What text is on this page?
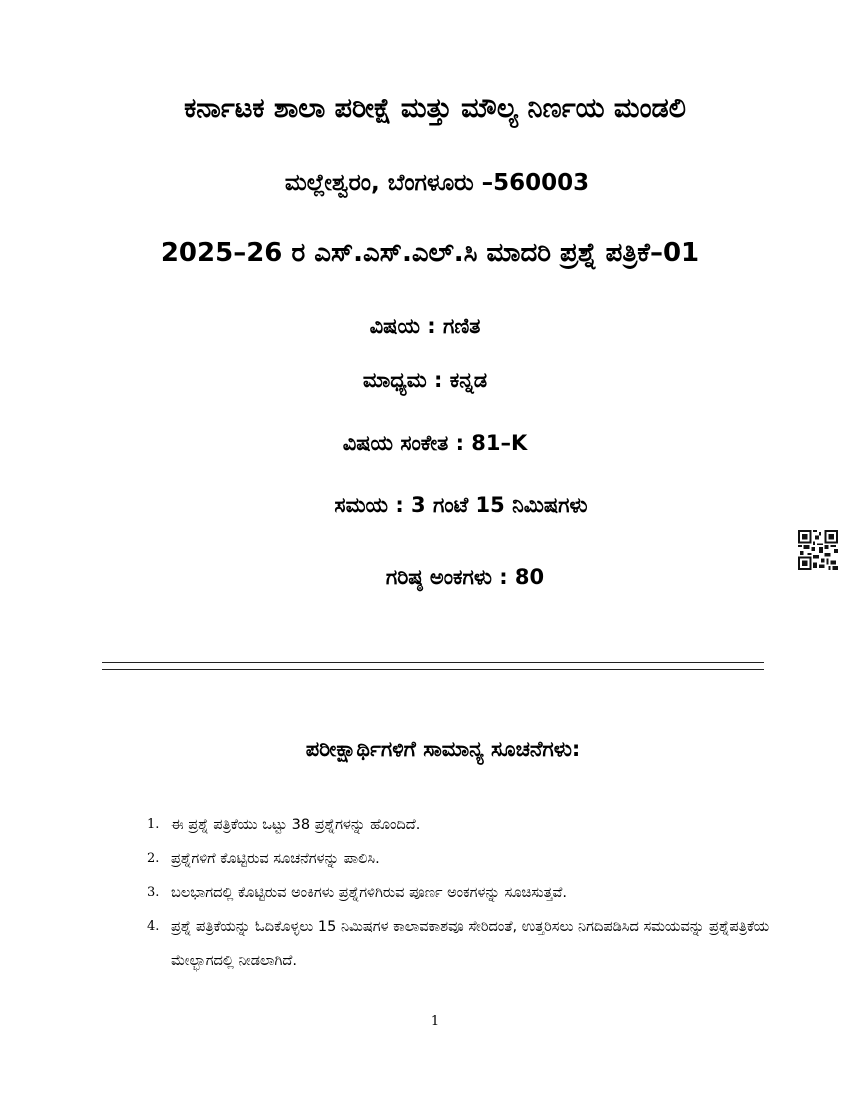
ಕರ್ನಾಟಕ ಶಾಲಾ ಪರೀಕ್ಷೆ ಮತ್ತು ಮೌಲ್ಯ ನಿರ್ಣಯ ಮಂಡಲಿ
ಮಲ್ಲೇಶ್ವರಂ, ಬೆಂಗಳೂರು –560003
2025–26 ರ ಎಸ್.ಎಸ್.ಎಲ್.ಸಿ ಮಾದರಿ ಪ್ರಶ್ನೆ ಪತ್ರಿಕೆ–01
ವಿಷಯ : ಗಣಿತ
ಮಾಧ್ಯಮ : ಕನ್ನಡ
ವಿಷಯ ಸಂಕೇತ : 81–K
ಸಮಯ : 3 ಗಂಟೆ 15 ನಿಮಿಷಗಳು
ಗರಿಷ್ಠ ಅಂಕಗಳು : 80
ಪರೀಕ್ಷಾರ್ಥಿಗಳಿಗೆ ಸಾಮಾನ್ಯ ಸೂಚನೆಗಳು:
1. ಈ ಪ್ರಶ್ನೆ ಪತ್ರಿಕೆಯು ಒಟ್ಟು 38 ಪ್ರಶ್ನೆಗಳನ್ನು ಹೊಂದಿದೆ.
2. ಪ್ರಶ್ನೆಗಳಿಗೆ ಕೊಟ್ಟಿರುವ ಸೂಚನೆಗಳನ್ನು ಪಾಲಿಸಿ.
3. ಬಲಭಾಗದಲ್ಲಿ ಕೊಟ್ಟಿರುವ ಅಂಕಿಗಳು ಪ್ರಶ್ನೆಗಳಿಗಿರುವ ಪೂರ್ಣ ಅಂಕಗಳನ್ನು ಸೂಚಿಸುತ್ತವೆ.
4. ಪ್ರಶ್ನೆ ಪತ್ರಿಕೆಯನ್ನು ಓದಿಕೊಳ್ಳಲು 15 ನಿಮಿಷಗಳ ಕಾಲಾವಕಾಶವೂ ಸೇರಿದಂತೆ, ಉತ್ತರಿಸಲು ನಿಗದಿಪಡಿಸಿದ ಸಮಯವನ್ನು ಪ್ರಶ್ನೆಪತ್ರಿಕೆಯ ಮೇಲ್ಭಾಗದಲ್ಲಿ ನೀಡಲಾಗಿದೆ.
1
